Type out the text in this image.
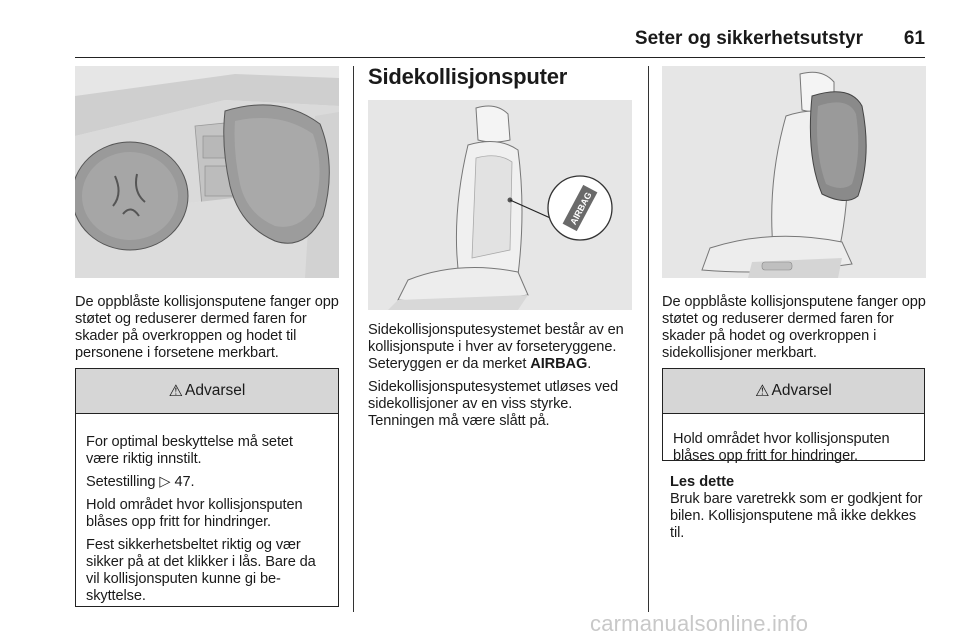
Seter og sikkerhetsutstyr 61
De oppblåste kollisjonsputene fanger opp støtet og reduserer dermed faren for skader på overkroppen og hodet til personene i forsetene merkbart.
⚠ Advarsel
For optimal beskyttelse må setet være riktig innstilt.
Setestilling ▷ 47.
Hold området hvor kollisjonsputen blåses opp fritt for hindringer.
Fest sikkerhetsbeltet riktig og vær sikker på at det klikker i lås. Bare da vil kollisjonsputen kunne gi beskyttelse.
Sidekollisjonsputer
AIRBAG
Sidekollisjonsputesystemet består av en kollisjonspute i hver av forseteryggene. Seteryggen er da merket AIRBAG.
Sidekollisjonsputesystemet utløses ved sidekollisjoner av en viss styrke. Tenningen må være slått på.
De oppblåste kollisjonsputene fanger opp støtet og reduserer dermed faren for skader på hodet og overkroppen i sidekollisjoner merkbart.
⚠ Advarsel
Hold området hvor kollisjonsputen blåses opp fritt for hindringer.
Les dette
Bruk bare varetrekk som er godkjent for bilen. Kollisjonsputene må ikke dekkes til.
carmanualsonline.info
